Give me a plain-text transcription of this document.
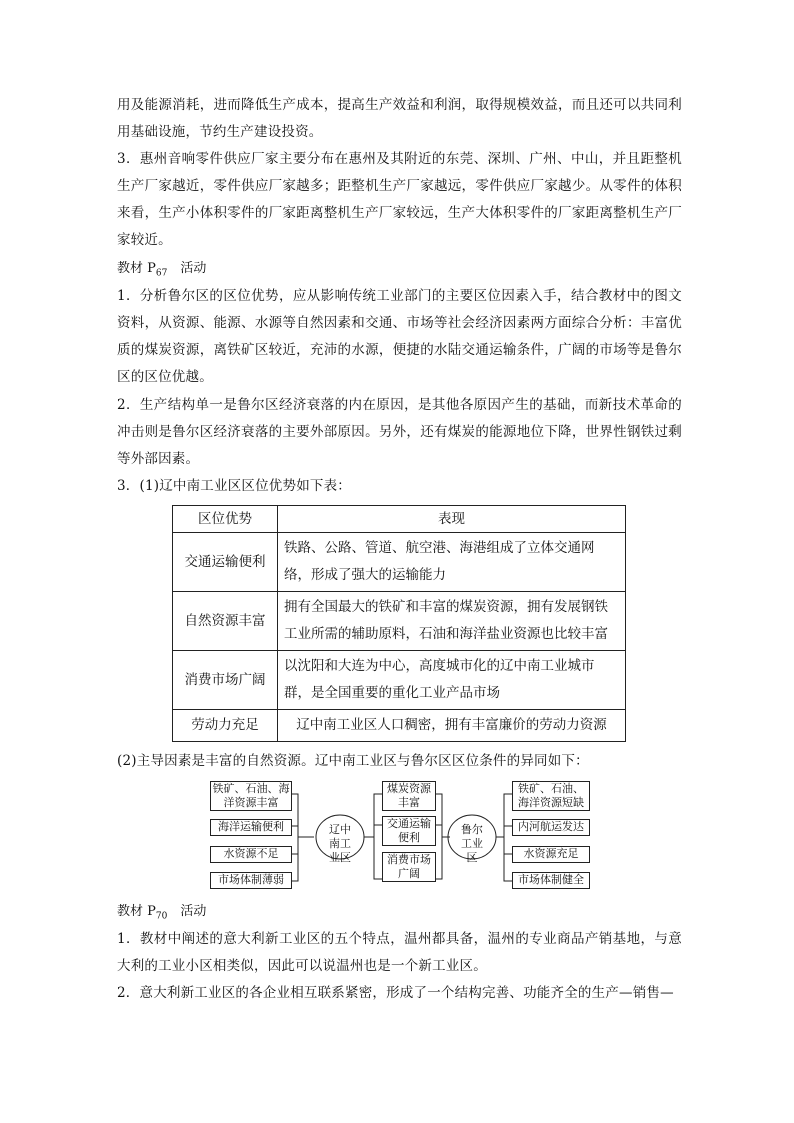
用及能源消耗，进而降低生产成本，提高生产效益和利润，取得规模效益，而且还可以共同利用基础设施，节约生产建设投资。
3．惠州音响零件供应厂家主要分布在惠州及其附近的东莞、深圳、广州、中山，并且距整机生产厂家越近，零件供应厂家越多；距整机生产厂家越远，零件供应厂家越少。从零件的体积来看，生产小体积零件的厂家距离整机生产厂家较远，生产大体积零件的厂家距离整机生产厂家较近。
教材 $P_{67}$　活动
1．分析鲁尔区的区位优势，应从影响传统工业部门的主要区位因素入手，结合教材中的图文资料，从资源、能源、水源等自然因素和交通、市场等社会经济因素两方面综合分析：丰富优质的煤炭资源，离铁矿区较近，充沛的水源，便捷的水陆交通运输条件，广阔的市场等是鲁尔区的区位优越。
2．生产结构单一是鲁尔区经济衰落的内在原因，是其他各原因产生的基础，而新技术革命的冲击则是鲁尔区经济衰落的主要外部原因。另外，还有煤炭的能源地位下降，世界性钢铁过剩等外部因素。
3．(1)辽中南工业区区位优势如下表：
区位优势	表现
交通运输便利	铁路、公路、管道、航空港、海港组成了立体交通网络，形成了强大的运输能力
自然资源丰富	拥有全国最大的铁矿和丰富的煤炭资源，拥有发展钢铁工业所需的辅助原料，石油和海洋盐业资源也比较丰富
消费市场广阔	以沈阳和大连为中心，高度城市化的辽中南工业城市群，是全国重要的重化工业产品市场
劳动力充足	辽中南工业区人口稠密，拥有丰富廉价的劳动力资源
(2)主导因素是丰富的自然资源。辽中南工业区与鲁尔区区位条件的异同如下：
铁矿、石油、海洋资源丰富
海洋运输便利
水资源不足
市场体制薄弱
辽中南工业区
煤炭资源丰富
交通运输便利
消费市场广阔
鲁尔工业区
铁矿、石油、海洋资源短缺
内河航运发达
水资源充足
市场体制健全
教材 $P_{70}$　活动
1．教材中阐述的意大利新工业区的五个特点，温州都具备，温州的专业商品产销基地，与意大利的工业小区相类似，因此可以说温州也是一个新工业区。
2．意大利新工业区的各企业相互联系紧密，形成了一个结构完善、功能齐全的生产—销售—
